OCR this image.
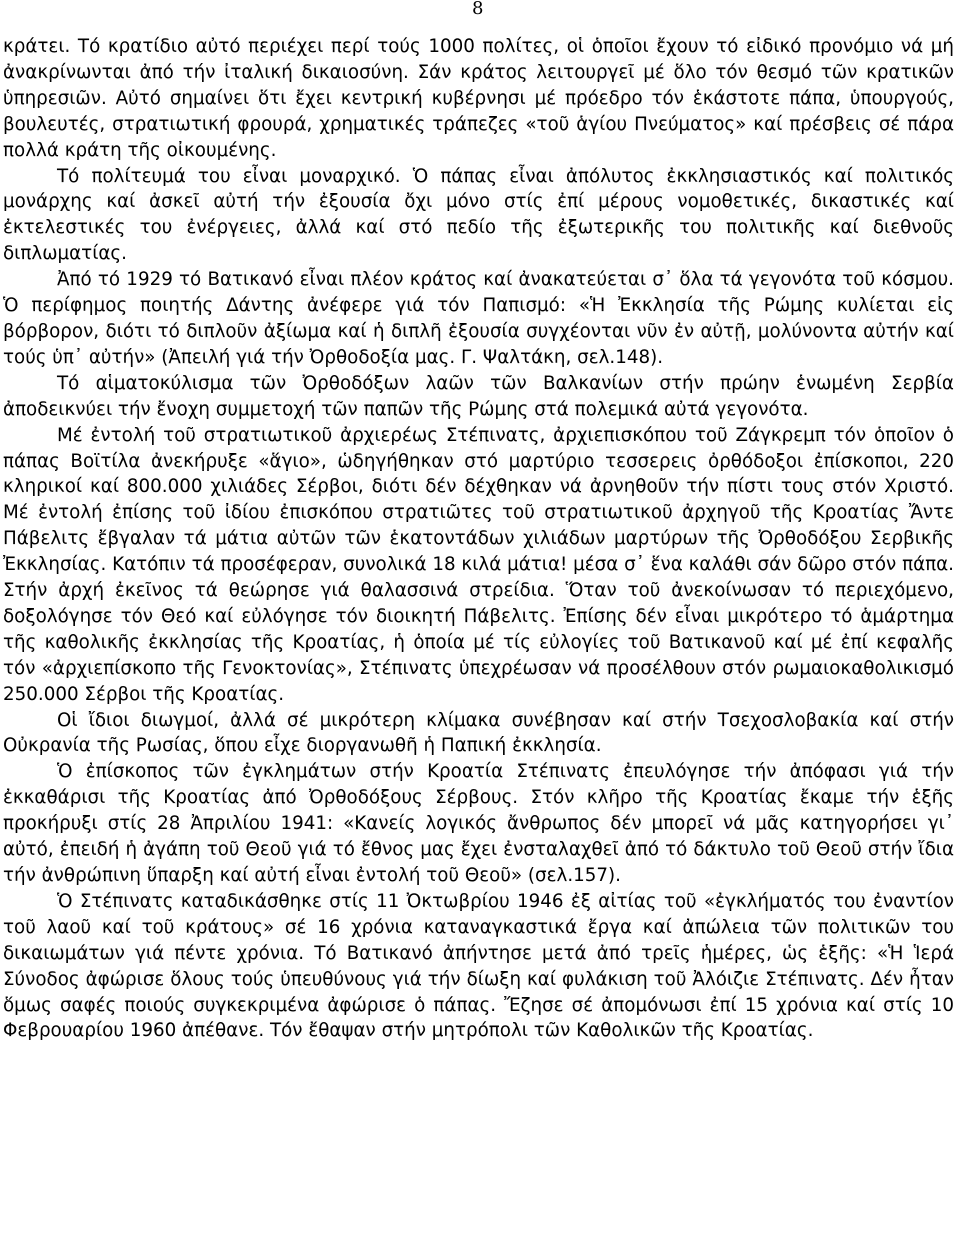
8

κράτει. Τό κρατίδιο αὐτό περιέχει περί τούς 1000 πολίτες, οἱ ὁποῖοι ἔχουν τό εἰδικό προνόμιο νά μή ἀνακρίνωνται ἀπό τήν ἰταλική δικαιοσύνη. Σάν κράτος λειτουργεῖ μέ ὅλο τόν θεσμό τῶν κρατικῶν ὑπηρεσιῶν. Αὐτό σημαίνει ὅτι ἔχει κεντρική κυβέρνησι μέ πρόεδρο τόν ἑκάστοτε πάπα, ὑπουργούς, βουλευτές, στρατιωτική φρουρά, χρηματικές τράπεζες «τοῦ ἁγίου Πνεύματος» καί πρέσβεις σέ πάρα πολλά κράτη τῆς οἰκουμένης.

Τό πολίτευμά του εἶναι μοναρχικό. Ὁ πάπας εἶναι ἀπόλυτος ἐκκλησιαστικός καί πολιτικός μονάρχης καί ἀσκεῖ αὐτή τήν ἐξουσία ὄχι μόνο στίς ἐπί μέρους νομοθετικές, δικαστικές καί ἐκτελεστικές του ἐνέργειες, ἀλλά καί στό πεδίο τῆς ἐξωτερικῆς του πολιτικῆς καί διεθνοῦς διπλωματίας.

Ἀπό τό 1929 τό Βατικανό εἶναι πλέον κράτος καί ἀνακατεύεται σ᾽ ὅλα τά γεγονότα τοῦ κόσμου. Ὁ περίφημος ποιητής Δάντης ἀνέφερε γιά τόν Παπισμό: «Ἡ Ἐκκλησία τῆς Ρώμης κυλίεται εἰς βόρβορον, διότι τό διπλοῦν ἀξίωμα καί ἡ διπλῆ ἐξουσία συγχέονται νῦν ἐν αὐτῇ, μολύνοντα αὐτήν καί τούς ὑπ᾽ αὐτήν» (Ἀπειλή γιά τήν Ὀρθοδοξία μας. Γ. Ψαλτάκη, σελ.148).

Τό αἱματοκύλισμα τῶν Ὀρθοδόξων λαῶν τῶν Βαλκανίων στήν πρώην ἑνωμένη Σερβία ἀποδεικνύει τήν ἔνοχη συμμετοχή τῶν παπῶν τῆς Ρώμης στά πολεμικά αὐτά γεγονότα.

Μέ ἐντολή τοῦ στρατιωτικοῦ ἀρχιερέως Στέπινατς, ἀρχιεπισκόπου τοῦ Ζάγκρεμπ τόν ὁποῖον ὁ πάπας Βοϊτίλα ἀνεκήρυξε «ἅγιο», ὡδηγήθηκαν στό μαρτύριο τεσσερεις ὀρθόδοξοι ἐπίσκοποι, 220 κληρικοί καί 800.000 χιλιάδες Σέρβοι, διότι δέν δέχθηκαν νά ἀρνηθοῦν τήν πίστι τους στόν Χριστό. Μέ ἐντολή ἐπίσης τοῦ ἰδίου ἐπισκόπου στρατιῶτες τοῦ στρατιωτικοῦ ἀρχηγοῦ τῆς Κροατίας Ἄντε Πάβελιτς ἔβγαλαν τά μάτια αὐτῶν τῶν ἑκατοντάδων χιλιάδων μαρτύρων τῆς Ὀρθοδόξου Σερβικῆς Ἐκκλησίας. Κατόπιν τά προσέφεραν, συνολικά 18 κιλά μάτια! μέσα σ᾽ ἕνα καλάθι σάν δῶρο στόν πάπα. Στήν ἀρχή ἐκεῖνος τά θεώρησε γιά θαλασσινά στρείδια. Ὅταν τοῦ ἀνεκοίνωσαν τό περιεχόμενο, δοξολόγησε τόν Θεό καί εὐλόγησε τόν διοικητή Πάβελιτς. Ἐπίσης δέν εἶναι μικρότερο τό ἁμάρτημα τῆς καθολικῆς ἐκκλησίας τῆς Κροατίας, ἡ ὁποία μέ τίς εὐλογίες τοῦ Βατικανοῦ καί μέ ἐπί κεφαλῆς τόν «ἀρχιεπίσκοπο τῆς Γενοκτονίας», Στέπινατς ὑπεχρέωσαν νά προσέλθουν στόν ρωμαιοκαθολικισμό 250.000 Σέρβοι τῆς Κροατίας.

Οἱ ἴδιοι διωγμοί, ἀλλά σέ μικρότερη κλίμακα συνέβησαν καί στήν Τσεχοσλοβακία καί στήν Οὐκρανία τῆς Ρωσίας, ὅπου εἶχε διοργανωθῆ ἡ Παπική ἐκκλησία.

Ὁ ἐπίσκοπος τῶν ἐγκλημάτων στήν Κροατία Στέπινατς ἐπευλόγησε τήν ἀπόφασι γιά τήν ἐκκαθάρισι τῆς Κροατίας ἀπό Ὀρθοδόξους Σέρβους. Στόν κλῆρο τῆς Κροατίας ἔκαμε τήν ἑξῆς προκήρυξι στίς 28 Ἀπριλίου 1941: «Κανείς λογικός ἄνθρωπος δέν μπορεῖ νά μᾶς κατηγορήσει γι᾽ αὐτό, ἐπειδή ἡ ἀγάπη τοῦ Θεοῦ γιά τό ἔθνος μας ἔχει ἐνσταλαχθεῖ ἀπό τό δάκτυλο τοῦ Θεοῦ στήν ἴδια τήν ἀνθρώπινη ὕπαρξη καί αὐτή εἶναι ἐντολή τοῦ Θεοῦ» (σελ.157).

Ὁ Στέπινατς καταδικάσθηκε στίς 11 Ὀκτωβρίου 1946 ἐξ αἰτίας τοῦ «ἐγκλήματός του ἐναντίον τοῦ λαοῦ καί τοῦ κράτους» σέ 16 χρόνια καταναγκαστικά ἔργα καί ἀπώλεια τῶν πολιτικῶν του δικαιωμάτων γιά πέντε χρόνια. Τό Βατικανό ἀπήντησε μετά ἀπό τρεῖς ἡμέρες, ὡς ἑξῆς: «Ἡ Ἱερά Σύνοδος ἀφώρισε ὅλους τούς ὑπευθύνους γιά τήν δίωξη καί φυλάκιση τοῦ Ἀλόιζιε Στέπινατς. Δέν ἦταν ὅμως σαφές ποιούς συγκεκριμένα ἀφώρισε ὁ πάπας. Ἔζησε σέ ἀπομόνωσι ἐπί 15 χρόνια καί στίς 10 Φεβρουαρίου 1960 ἀπέθανε. Τόν ἔθαψαν στήν μητρόπολι τῶν Καθολικῶν τῆς Κροατίας.
